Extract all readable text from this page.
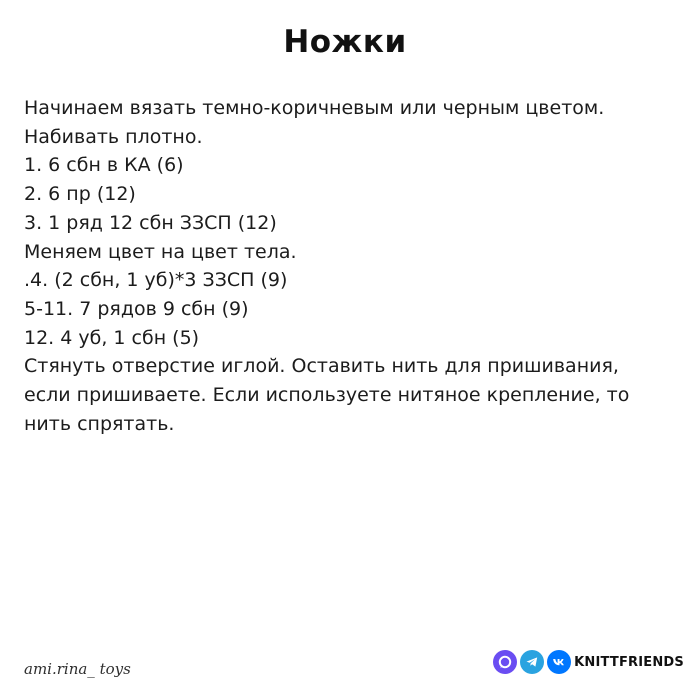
Ножки
Начинаем вязать темно-коричневым или черным цветом.
Набивать плотно.
1. 6 сбн в КА (6)
2. 6 пр (12)
3. 1 ряд 12 сбн ЗЗСП (12)
Меняем цвет на цвет тела.
.4. (2 сбн, 1 уб)*3 ЗЗСП (9)
5-11. 7 рядов 9 сбн (9)
12. 4 уб, 1 сбн (5)
Стянуть отверстие иглой. Оставить нить для пришивания,
если пришиваете. Если используете нитяное крепление, то
нить спрятать.
ami.rina_ toys	KNITTFRIENDS
